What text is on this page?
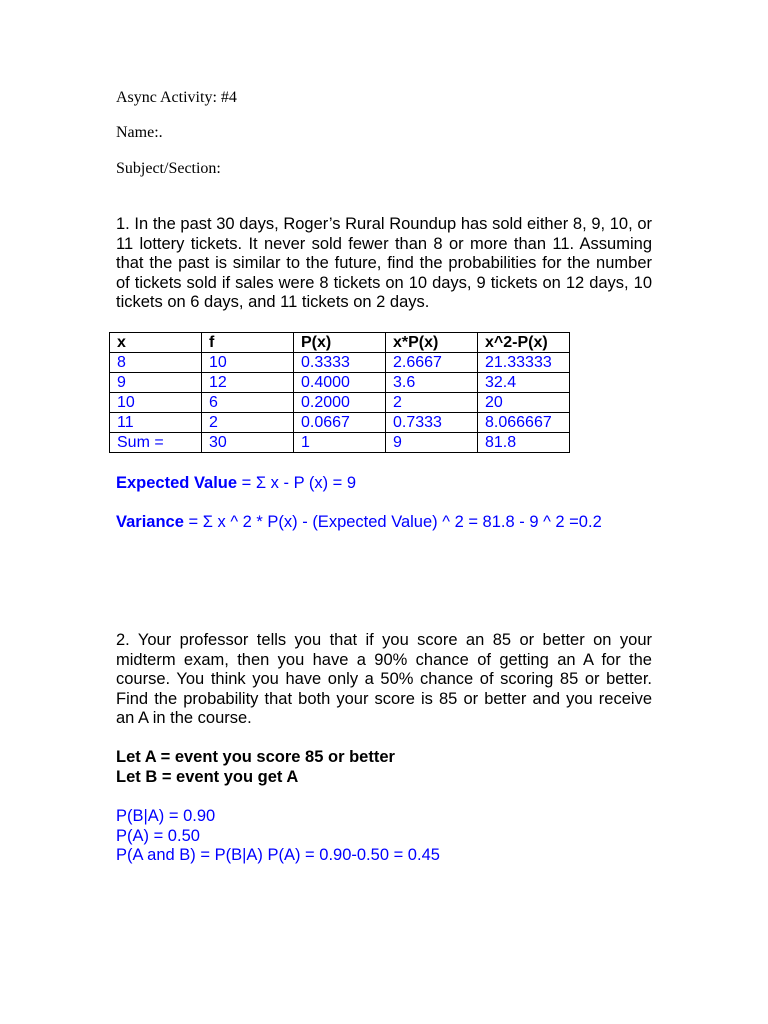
Async Activity: #4
Name:.
Subject/Section:
1. In the past 30 days, Roger’s Rural Roundup has sold either 8, 9, 10, or 11 lottery tickets. It never sold fewer than 8 or more than 11. Assuming that the past is similar to the future, find the probabilities for the number of tickets sold if sales were 8 tickets on 10 days, 9 tickets on 12 days, 10 tickets on 6 days, and 11 tickets on 2 days.
x	f	P(x)	x*P(x)	x^2-P(x)
8	10	0.3333	2.6667	21.33333
9	12	0.4000	3.6	32.4
10	6	0.2000	2	20
11	2	0.0667	0.7333	8.066667
Sum =	30	1	9	81.8
Expected Value = Σ x - P (x) = 9
Variance = Σ x ^ 2 * P(x) - (Expected Value) ^ 2 = 81.8 - 9 ^ 2 =0.2
2. Your professor tells you that if you score an 85 or better on your midterm exam, then you have a 90% chance of getting an A for the course. You think you have only a 50% chance of scoring 85 or better. Find the probability that both your score is 85 or better and you receive an A in the course.
Let A = event you score 85 or better
Let B = event you get A
P(B|A) = 0.90
P(A) = 0.50
P(A and B) = P(B|A) P(A) = 0.90-0.50 = 0.45
